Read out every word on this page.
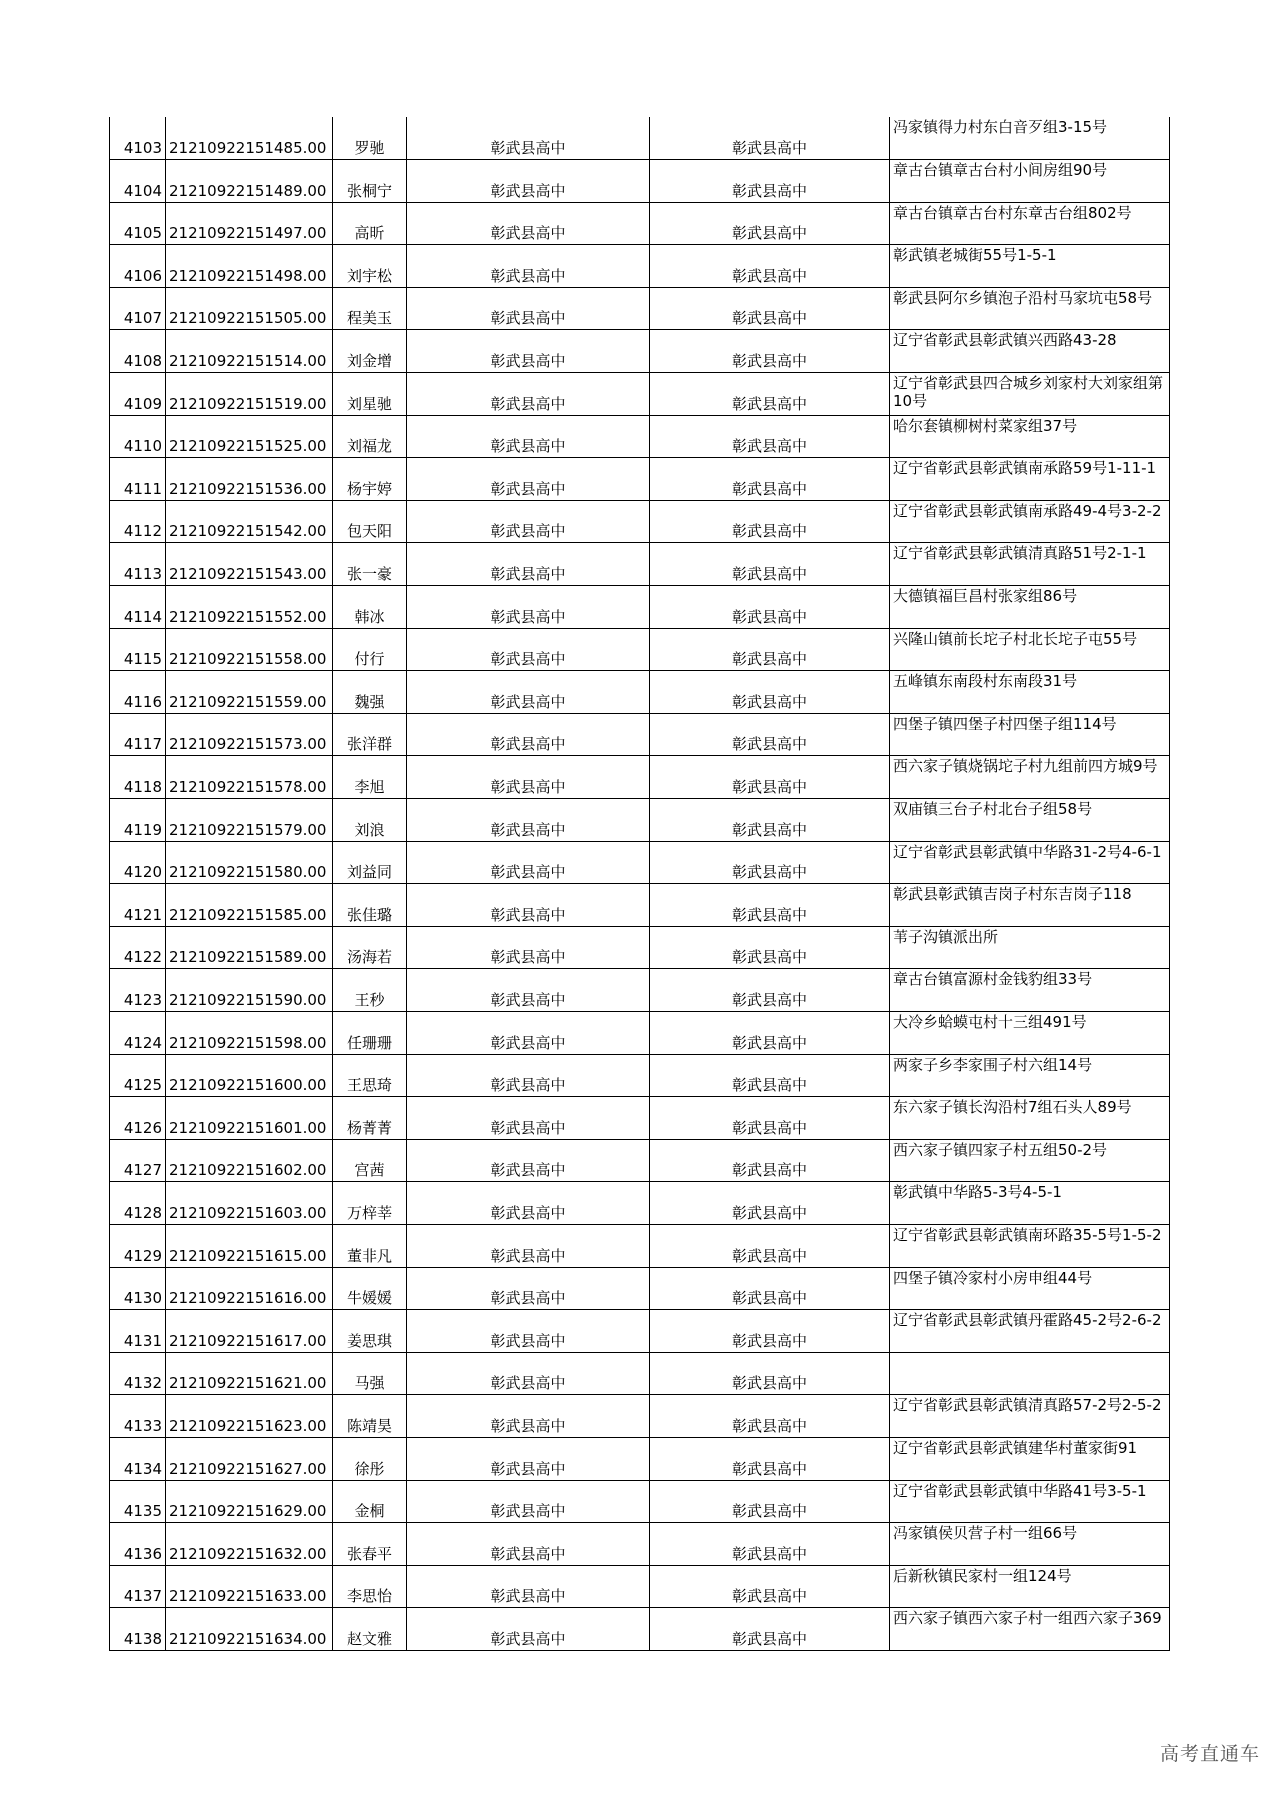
4103	21210922151485.00	罗驰	彰武县高中	彰武县高中	冯家镇得力村东白音歹组3-15号
4104	21210922151489.00	张桐宁	彰武县高中	彰武县高中	章古台镇章古台村小间房组90号
4105	21210922151497.00	高昕	彰武县高中	彰武县高中	章古台镇章古台村东章古台组802号
4106	21210922151498.00	刘宇松	彰武县高中	彰武县高中	彰武镇老城街55号1-5-1
4107	21210922151505.00	程美玉	彰武县高中	彰武县高中	彰武县阿尔乡镇泡子沿村马家坑屯58号
4108	21210922151514.00	刘金增	彰武县高中	彰武县高中	辽宁省彰武县彰武镇兴西路43-28
4109	21210922151519.00	刘星驰	彰武县高中	彰武县高中	辽宁省彰武县四合城乡刘家村大刘家组第10号
4110	21210922151525.00	刘福龙	彰武县高中	彰武县高中	哈尔套镇柳树村菜家组37号
4111	21210922151536.00	杨宇婷	彰武县高中	彰武县高中	辽宁省彰武县彰武镇南承路59号1-11-1
4112	21210922151542.00	包天阳	彰武县高中	彰武县高中	辽宁省彰武县彰武镇南承路49-4号3-2-2
4113	21210922151543.00	张一豪	彰武县高中	彰武县高中	辽宁省彰武县彰武镇清真路51号2-1-1
4114	21210922151552.00	韩冰	彰武县高中	彰武县高中	大德镇福巨昌村张家组86号
4115	21210922151558.00	付行	彰武县高中	彰武县高中	兴隆山镇前长坨子村北长坨子屯55号
4116	21210922151559.00	魏强	彰武县高中	彰武县高中	五峰镇东南段村东南段31号
4117	21210922151573.00	张洋群	彰武县高中	彰武县高中	四堡子镇四堡子村四堡子组114号
4118	21210922151578.00	李旭	彰武县高中	彰武县高中	西六家子镇烧锅坨子村九组前四方城9号
4119	21210922151579.00	刘浪	彰武县高中	彰武县高中	双庙镇三台子村北台子组58号
4120	21210922151580.00	刘益同	彰武县高中	彰武县高中	辽宁省彰武县彰武镇中华路31-2号4-6-1
4121	21210922151585.00	张佳璐	彰武县高中	彰武县高中	彰武县彰武镇吉岗子村东吉岗子118
4122	21210922151589.00	汤海若	彰武县高中	彰武县高中	苇子沟镇派出所
4123	21210922151590.00	王秒	彰武县高中	彰武县高中	章古台镇富源村金钱豹组33号
4124	21210922151598.00	任珊珊	彰武县高中	彰武县高中	大冷乡蛤蟆屯村十三组491号
4125	21210922151600.00	王思琦	彰武县高中	彰武县高中	两家子乡李家围子村六组14号
4126	21210922151601.00	杨菁菁	彰武县高中	彰武县高中	东六家子镇长沟沿村7组石头人89号
4127	21210922151602.00	宫茜	彰武县高中	彰武县高中	西六家子镇四家子村五组50-2号
4128	21210922151603.00	万梓莘	彰武县高中	彰武县高中	彰武镇中华路5-3号4-5-1
4129	21210922151615.00	董非凡	彰武县高中	彰武县高中	辽宁省彰武县彰武镇南环路35-5号1-5-2
4130	21210922151616.00	牛媛媛	彰武县高中	彰武县高中	四堡子镇冷家村小房申组44号
4131	21210922151617.00	姜思琪	彰武县高中	彰武县高中	辽宁省彰武县彰武镇丹霍路45-2号2-6-2
4132	21210922151621.00	马强	彰武县高中	彰武县高中	
4133	21210922151623.00	陈靖昊	彰武县高中	彰武县高中	辽宁省彰武县彰武镇清真路57-2号2-5-2
4134	21210922151627.00	徐彤	彰武县高中	彰武县高中	辽宁省彰武县彰武镇建华村董家街91
4135	21210922151629.00	金桐	彰武县高中	彰武县高中	辽宁省彰武县彰武镇中华路41号3-5-1
4136	21210922151632.00	张春平	彰武县高中	彰武县高中	冯家镇侯贝营子村一组66号
4137	21210922151633.00	李思怡	彰武县高中	彰武县高中	后新秋镇民家村一组124号
4138	21210922151634.00	赵文雅	彰武县高中	彰武县高中	西六家子镇西六家子村一组西六家子369
高考直通车
